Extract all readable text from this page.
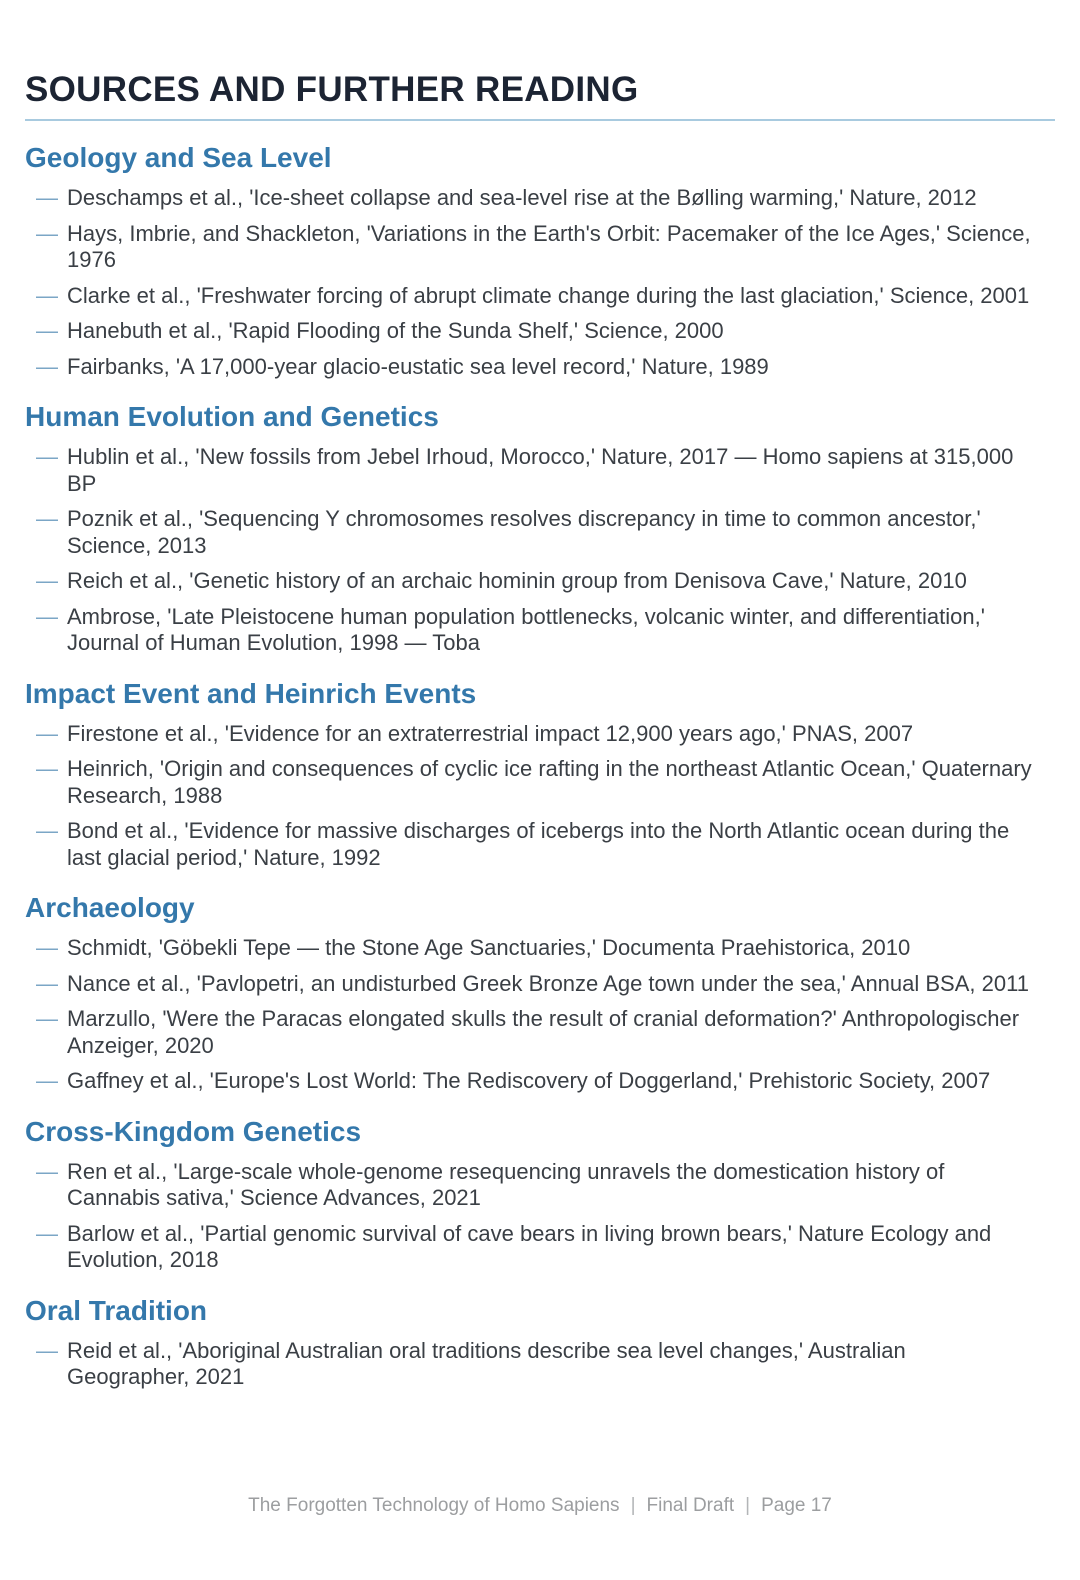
SOURCES AND FURTHER READING
Geology and Sea Level
— Deschamps et al., 'Ice-sheet collapse and sea-level rise at the Bølling warming,' Nature, 2012
— Hays, Imbrie, and Shackleton, 'Variations in the Earth's Orbit: Pacemaker of the Ice Ages,' Science, 1976
— Clarke et al., 'Freshwater forcing of abrupt climate change during the last glaciation,' Science, 2001
— Hanebuth et al., 'Rapid Flooding of the Sunda Shelf,' Science, 2000
— Fairbanks, 'A 17,000-year glacio-eustatic sea level record,' Nature, 1989
Human Evolution and Genetics
— Hublin et al., 'New fossils from Jebel Irhoud, Morocco,' Nature, 2017 — Homo sapiens at 315,000 BP
— Poznik et al., 'Sequencing Y chromosomes resolves discrepancy in time to common ancestor,' Science, 2013
— Reich et al., 'Genetic history of an archaic hominin group from Denisova Cave,' Nature, 2010
— Ambrose, 'Late Pleistocene human population bottlenecks, volcanic winter, and differentiation,' Journal of Human Evolution, 1998 — Toba
Impact Event and Heinrich Events
— Firestone et al., 'Evidence for an extraterrestrial impact 12,900 years ago,' PNAS, 2007
— Heinrich, 'Origin and consequences of cyclic ice rafting in the northeast Atlantic Ocean,' Quaternary Research, 1988
— Bond et al., 'Evidence for massive discharges of icebergs into the North Atlantic ocean during the last glacial period,' Nature, 1992
Archaeology
— Schmidt, 'Göbekli Tepe — the Stone Age Sanctuaries,' Documenta Praehistorica, 2010
— Nance et al., 'Pavlopetri, an undisturbed Greek Bronze Age town under the sea,' Annual BSA, 2011
— Marzullo, 'Were the Paracas elongated skulls the result of cranial deformation?' Anthropologischer Anzeiger, 2020
— Gaffney et al., 'Europe's Lost World: The Rediscovery of Doggerland,' Prehistoric Society, 2007
Cross-Kingdom Genetics
— Ren et al., 'Large-scale whole-genome resequencing unravels the domestication history of Cannabis sativa,' Science Advances, 2021
— Barlow et al., 'Partial genomic survival of cave bears in living brown bears,' Nature Ecology and Evolution, 2018
Oral Tradition
— Reid et al., 'Aboriginal Australian oral traditions describe sea level changes,' Australian Geographer, 2021
The Forgotten Technology of Homo Sapiens | Final Draft | Page 17
